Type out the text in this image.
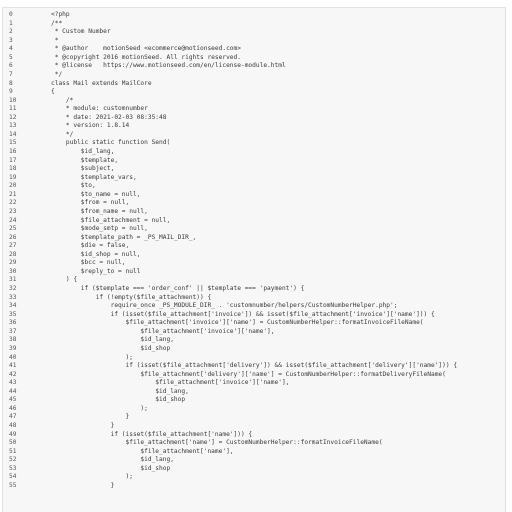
0	<?php
1	/**
2	* Custom Number
3	*
4	* @author    motionSeed <ecommerce@motionseed.com>
5	* @copyright 2016 motionSeed. All rights reserved.
6	* @license   https://www.motionseed.com/en/license-module.html
7	*/
8	class Mail extends MailCore
9	{
10	/*
11	* module: customnumber
12	* date: 2021-02-03 08:35:48
13	* version: 1.8.14
14	*/
15	public static function Send(
16	$id_lang,
17	$template,
18	$subject,
19	$template_vars,
20	$to,
21	$to_name = null,
22	$from = null,
23	$from_name = null,
24	$file_attachment = null,
25	$mode_smtp = null,
26	$template_path = _PS_MAIL_DIR_,
27	$die = false,
28	$id_shop = null,
29	$bcc = null,
30	$reply_to = null
31	) {
32	if ($template === 'order_conf' || $template === 'payment') {
33	if (!empty($file_attachment)) {
34	require_once _PS_MODULE_DIR_ . 'customnumber/helpers/CustomNumberHelper.php';
35	if (isset($file_attachment['invoice']) && isset($file_attachment['invoice']['name'])) {
36	$file_attachment['invoice']['name'] = CustomNumberHelper::formatInvoiceFileName(
37	$file_attachment['invoice']['name'],
38	$id_lang,
39	$id_shop
40	);
41	if (isset($file_attachment['delivery']) && isset($file_attachment['delivery']['name'])) {
42	$file_attachment['delivery']['name'] = CustomNumberHelper::formatDeliveryFileName(
43	$file_attachment['invoice']['name'],
44	$id_lang,
45	$id_shop
46	);
47	}
48	}
49	if (isset($file_attachment['name'])) {
50	$file_attachment['name'] = CustomNumberHelper::formatInvoiceFileName(
51	$file_attachment['name'],
52	$id_lang,
53	$id_shop
54	);
55	}
